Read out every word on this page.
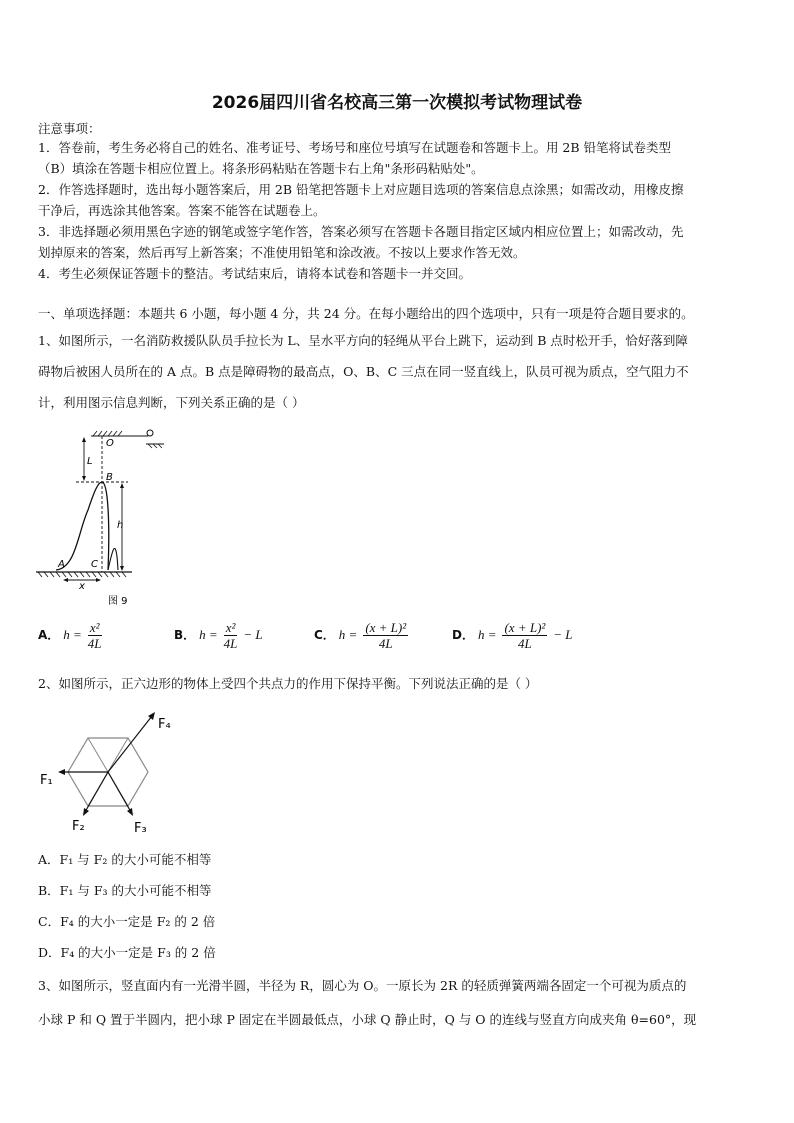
2026届四川省名校高三第一次模拟考试物理试卷
注意事项：
1．答卷前，考生务必将自己的姓名、准考证号、考场号和座位号填写在试题卷和答题卡上。用 2B 铅笔将试卷类型
（B）填涂在答题卡相应位置上。将条形码粘贴在答题卡右上角"条形码粘贴处"。
2．作答选择题时，选出每小题答案后，用 2B 铅笔把答题卡上对应题目选项的答案信息点涂黑；如需改动，用橡皮擦
干净后，再选涂其他答案。答案不能答在试题卷上。
3．非选择题必须用黑色字迹的钢笔或签字笔作答，答案必须写在答题卡各题目指定区域内相应位置上；如需改动，先
划掉原来的答案，然后再写上新答案；不准使用铅笔和涂改液。不按以上要求作答无效。
4．考生必须保证答题卡的整洁。考试结束后，请将本试卷和答题卡一并交回。
一、单项选择题：本题共 6 小题，每小题 4 分，共 24 分。在每小题给出的四个选项中，只有一项是符合题目要求的。
1、如图所示，一名消防救援队队员手拉长为 L、呈水平方向的轻绳从平台上跳下，运动到 B 点时松开手，恰好落到障
碍物后被困人员所在的 A 点。B 点是障碍物的最高点，O、B、C 三点在同一竖直线上，队员可视为质点，空气阻力不
计，利用图示信息判断，下列关系正确的是（ ）
O
L
B
h
A	C
x
图 9
A． $h = \frac{\text{x²}}{4L}$	B． $h = \frac{\text{x²}}{4L} - L$	C． $h = \frac{\text{(x + L)²}}{4L}$	D． $h = \frac{\text{(x + L)²}}{4L} - L$
2、如图所示，正六边形的物体上受四个共点力的作用下保持平衡。下列说法正确的是（ ）
F₁
F₂	F₃
F₄
A．F₁ 与 F₂ 的大小可能不相等
B．F₁ 与 F₃ 的大小可能不相等
C．F₄ 的大小一定是 F₂ 的 2 倍
D．F₄ 的大小一定是 F₃ 的 2 倍
3、如图所示，竖直面内有一光滑半圆，半径为 R，圆心为 O。一原长为 2R 的轻质弹簧两端各固定一个可视为质点的
小球 P 和 Q 置于半圆内，把小球 P 固定在半圆最低点，小球 Q 静止时，Q 与 O 的连线与竖直方向成夹角 θ=60°，现
